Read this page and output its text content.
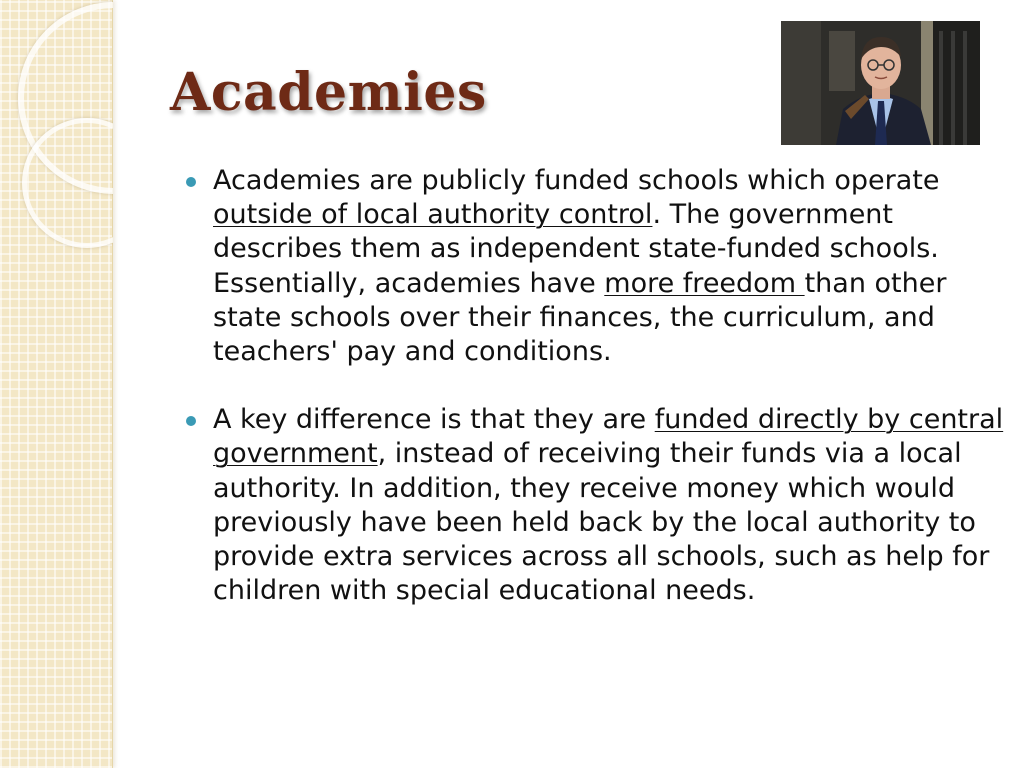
Academies
Academies are publicly funded schools which operate outside of local authority control. The government describes them as independent state-funded schools. Essentially, academies have more freedom than other state schools over their finances, the curriculum, and teachers' pay and conditions.
A key difference is that they are funded directly by central government, instead of receiving their funds via a local authority. In addition, they receive money which would previously have been held back by the local authority to provide extra services across all schools, such as help for children with special educational needs.
